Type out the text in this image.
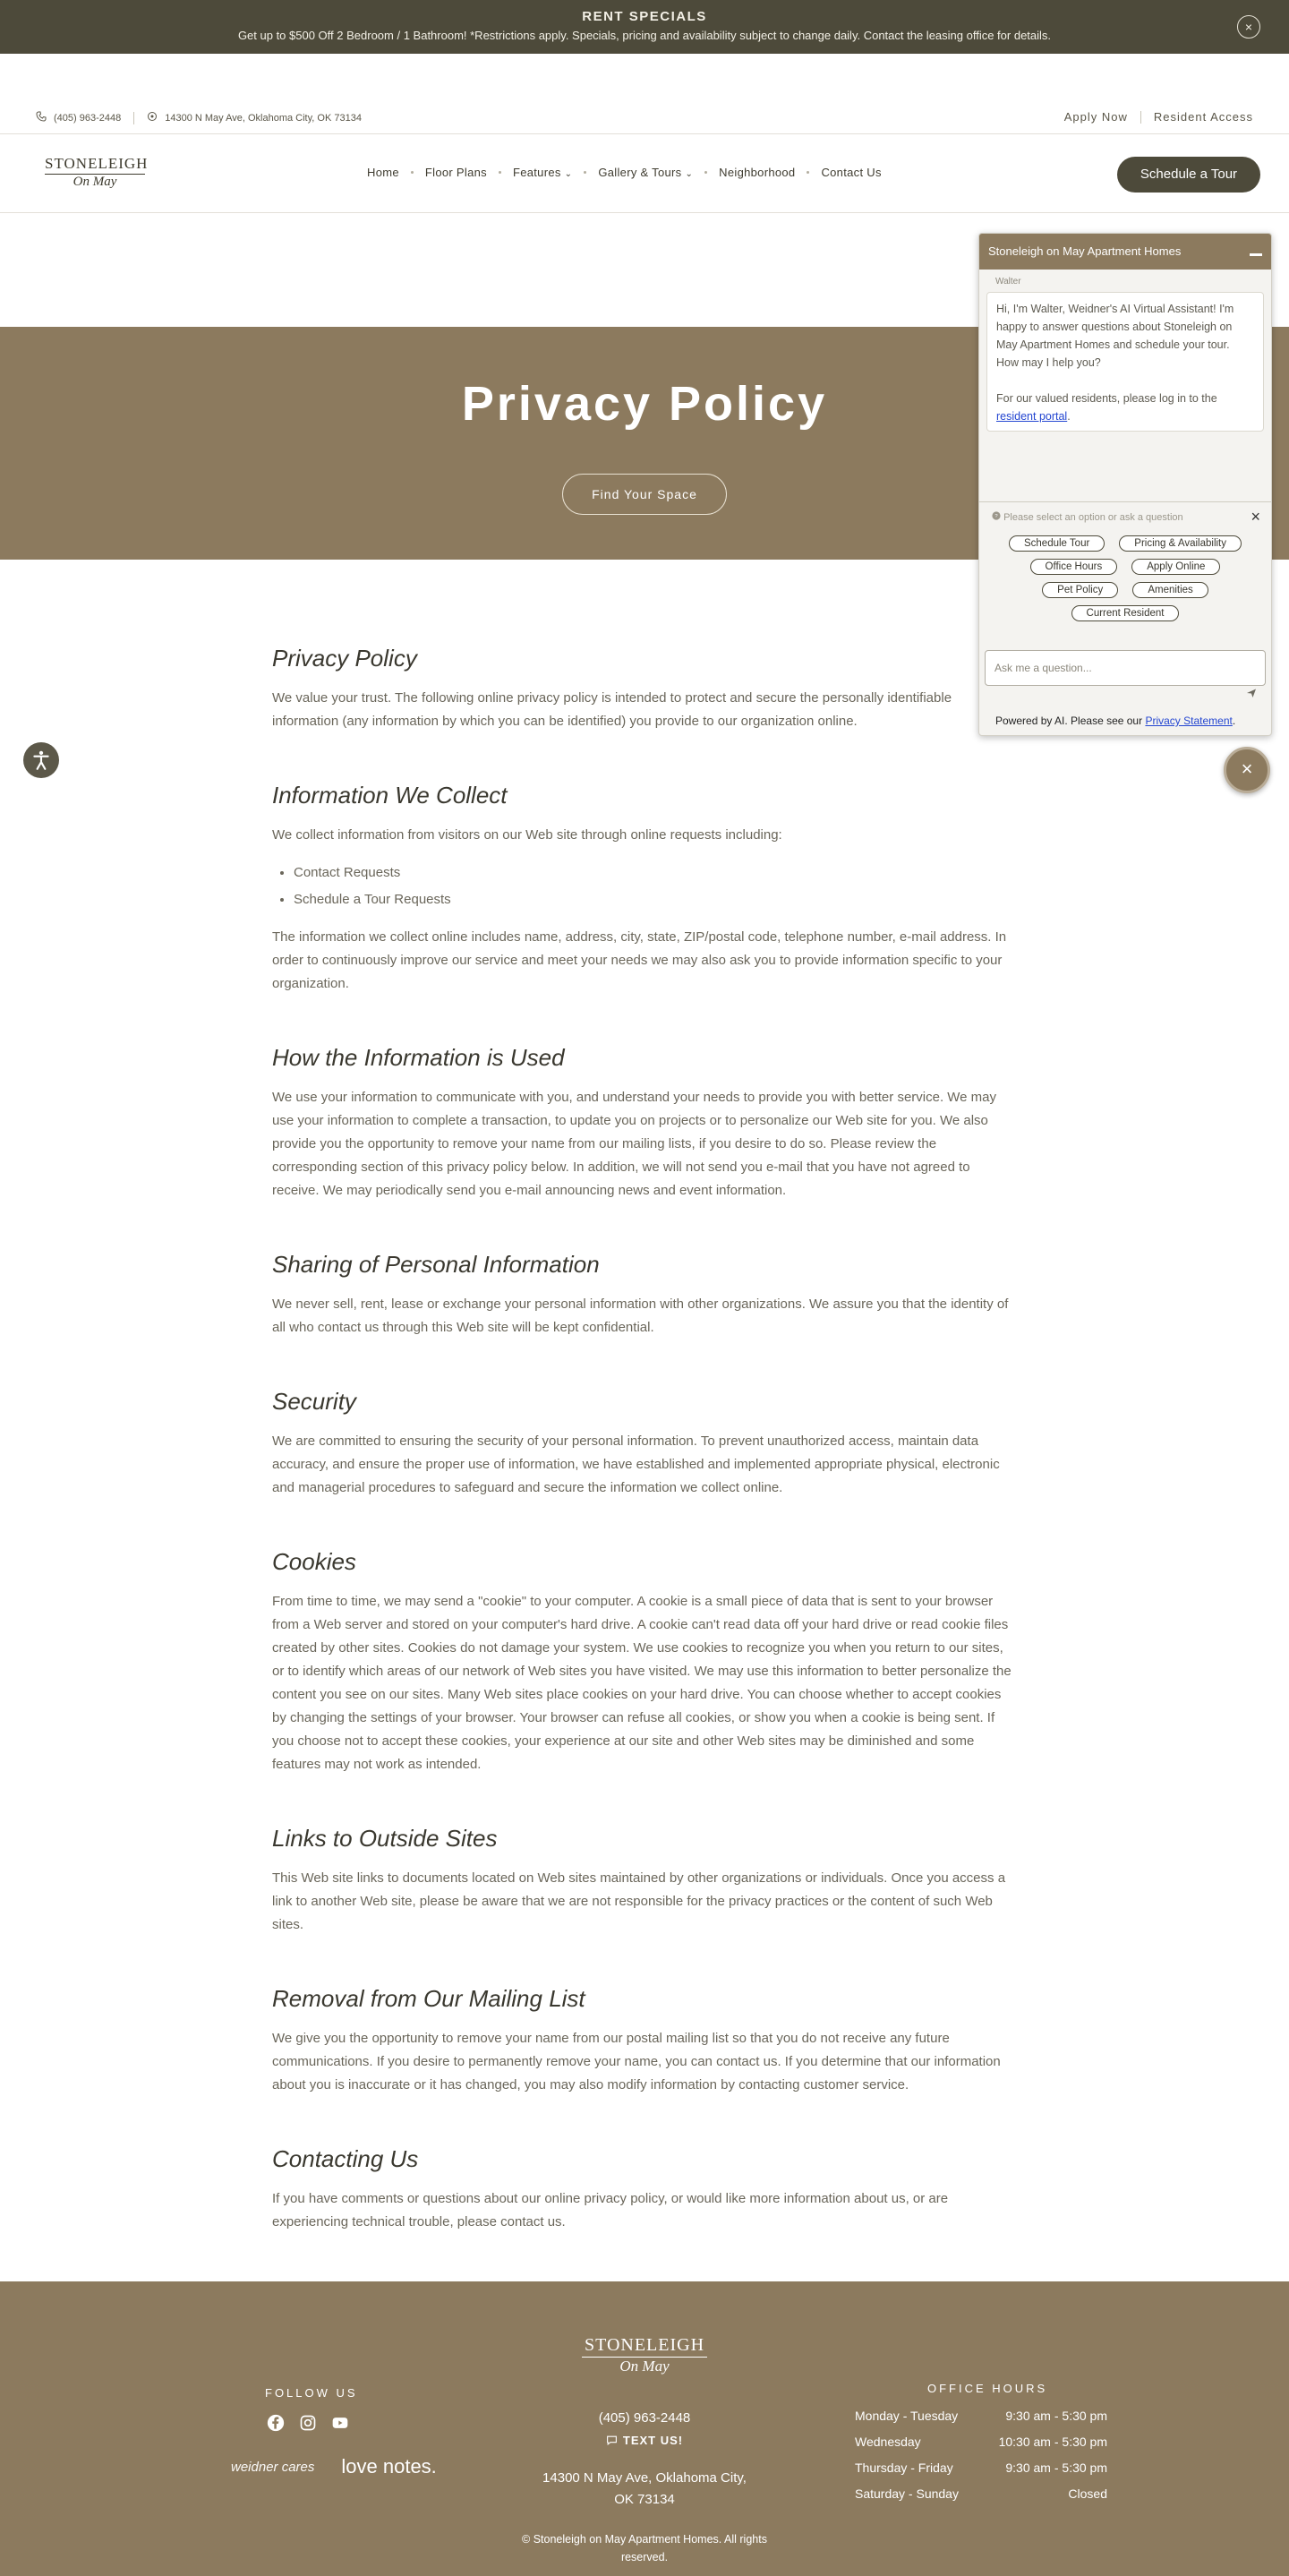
RENT SPECIALS
Get up to $500 Off 2 Bedroom / 1 Bathroom! *Restrictions apply. Specials, pricing and availability subject to change daily. Contact the leasing office for details.
×
(405) 963-2448	14300 N May Ave, Oklahoma City, OK 73134	Apply Now Resident Access
STONELEIGH
On May
Home Floor Plans Features ⌄ Gallery & Tours ⌄ Neighborhood Contact Us	Schedule a Tour
Privacy Policy
Find Your Space
Privacy Policy

We value your trust. The following online privacy policy is intended to protect and secure the personally identifiable information (any information by which you can be identified) you provide to our organization online.

Information We Collect

We collect information from visitors on our Web site through online requests including:

• Contact Requests
• Schedule a Tour Requests

The information we collect online includes name, address, city, state, ZIP/postal code, telephone number, e-mail address. In order to continuously improve our service and meet your needs we may also ask you to provide information specific to your organization.

How the Information is Used

We use your information to communicate with you, and understand your needs to provide you with better service. We may use your information to complete a transaction, to update you on projects or to personalize our Web site for you. We also provide you the opportunity to remove your name from our mailing lists, if you desire to do so. Please review the corresponding section of this privacy policy below. In addition, we will not send you e-mail that you have not agreed to receive. We may periodically send you e-mail announcing news and event information.

Sharing of Personal Information

We never sell, rent, lease or exchange your personal information with other organizations. We assure you that the identity of all who contact us through this Web site will be kept confidential.

Security

We are committed to ensuring the security of your personal information. To prevent unauthorized access, maintain data accuracy, and ensure the proper use of information, we have established and implemented appropriate physical, electronic and managerial procedures to safeguard and secure the information we collect online.

Cookies

From time to time, we may send a "cookie" to your computer. A cookie is a small piece of data that is sent to your browser from a Web server and stored on your computer's hard drive. A cookie can't read data off your hard drive or read cookie files created by other sites. Cookies do not damage your system. We use cookies to recognize you when you return to our sites, or to identify which areas of our network of Web sites you have visited. We may use this information to better personalize the content you see on our sites. Many Web sites place cookies on your hard drive. You can choose whether to accept cookies by changing the settings of your browser. Your browser can refuse all cookies, or show you when a cookie is being sent. If you choose not to accept these cookies, your experience at our site and other Web sites may be diminished and some features may not work as intended.

Links to Outside Sites

This Web site links to documents located on Web sites maintained by other organizations or individuals. Once you access a link to another Web site, please be aware that we are not responsible for the privacy practices or the content of such Web sites.

Removal from Our Mailing List

We give you the opportunity to remove your name from our postal mailing list so that you do not receive any future communications. If you desire to permanently remove your name, you can contact us. If you determine that our information about you is inaccurate or it has changed, you may also modify information by contacting customer service.

Contacting Us

If you have comments or questions about our online privacy policy, or would like more information about us, or are experiencing technical trouble, please contact us.

Stoneleigh on May Apartment Homes
Walter
Hi, I'm Walter, Weidner's AI Virtual Assistant! I'm happy to answer questions about Stoneleigh on May Apartment Homes and schedule your tour. How may I help you?

For our valued residents, please log in to the resident portal.
? Please select an option or ask a question	×
Schedule Tour	Pricing & Availability
Office Hours	Apply Online
Pet Policy	Amenities
Current Resident
Ask me a question...
Powered by AI. Please see our Privacy Statement.
×
FOLLOW US
weidner cares love notes.
STONELEIGH
On May
(405) 963-2448
TEXT US!
14300 N May Ave, Oklahoma City,
OK 73134
© Stoneleigh on May Apartment Homes. All rights
reserved.
OFFICE HOURS
Monday - Tuesday	9:30 am - 5:30 pm
Wednesday	10:30 am - 5:30 pm
Thursday - Friday	9:30 am - 5:30 pm
Saturday - Sunday	Closed
